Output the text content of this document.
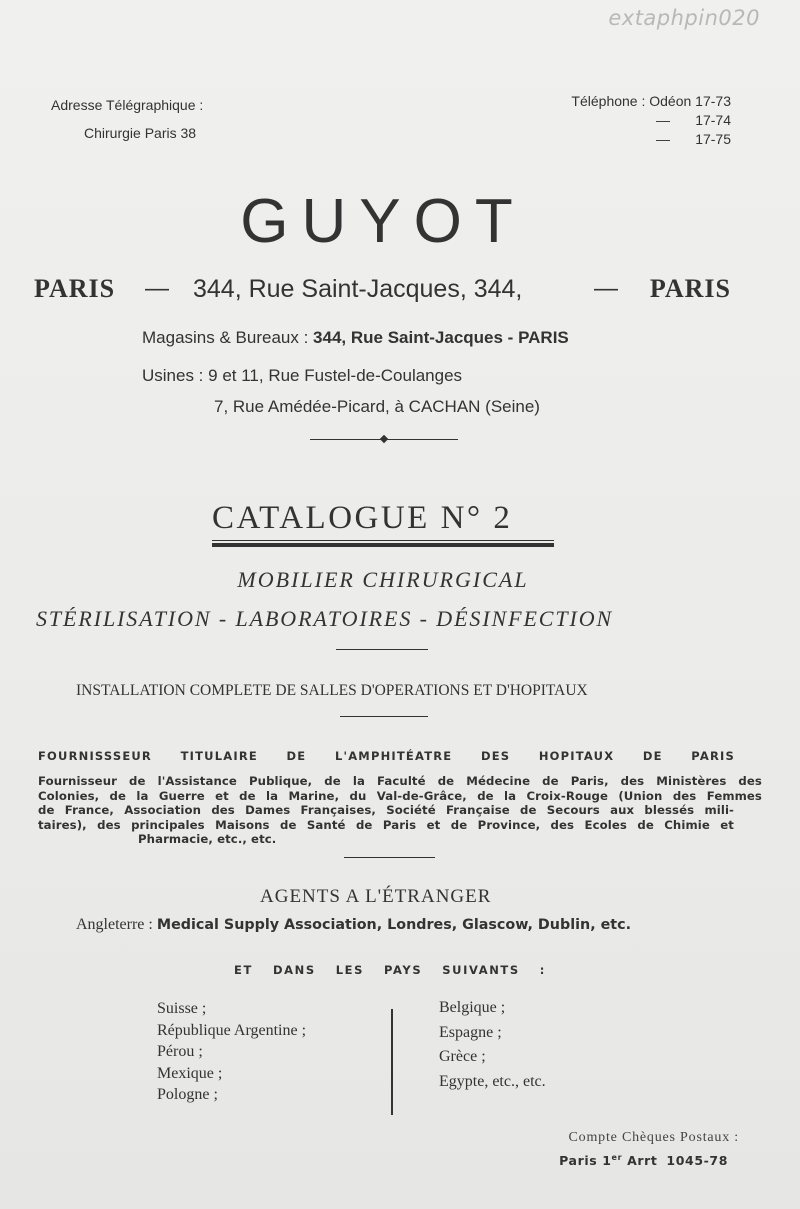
extaphpin020
Adresse Télégraphique :
Chirurgie Paris 38
Téléphone : Odéon 17-73
— 17-74
— 17-75
GUYOT
PARIS — 344, Rue Saint-Jacques, 344,	— PARIS
Magasins & Bureaux : 344, Rue Saint-Jacques - PARIS
Usines : 9 et 11, Rue Fustel-de-Coulanges
7, Rue Amédée-Picard, à CACHAN (Seine)
CATALOGUE N° 2
MOBILIER CHIRURGICAL
STÉRILISATION - LABORATOIRES - DÉSINFECTION
INSTALLATION COMPLETE DE SALLES D'OPERATIONS ET D'HOPITAUX
FOURNISSSEUR TITULAIRE DE L'AMPHITÉATRE DES HOPITAUX DE PARIS
Fournisseur de l'Assistance Publique, de la Faculté de Médecine de Paris, des Ministères des
Colonies, de la Guerre et de la Marine, du Val-de-Grâce, de la Croix-Rouge (Union des Femmes
de France, Association des Dames Françaises, Société Française de Secours aux blessés mili-
taires), des principales Maisons de Santé de Paris et de Province, des Ecoles de Chimie et
Pharmacie, etc., etc.
AGENTS A L'ÉTRANGER
Angleterre : Medical Supply Association, Londres, Glascow, Dublin, etc.
ET DANS LES PAYS SUIVANTS :
Suisse ;
République Argentine ;
Pérou ;
Mexique ;
Pologne ;
Belgique ;
Espagne ;
Grèce ;
Egypte, etc., etc.
Compte Chèques Postaux :
Paris 1er Arrt 1045-78
